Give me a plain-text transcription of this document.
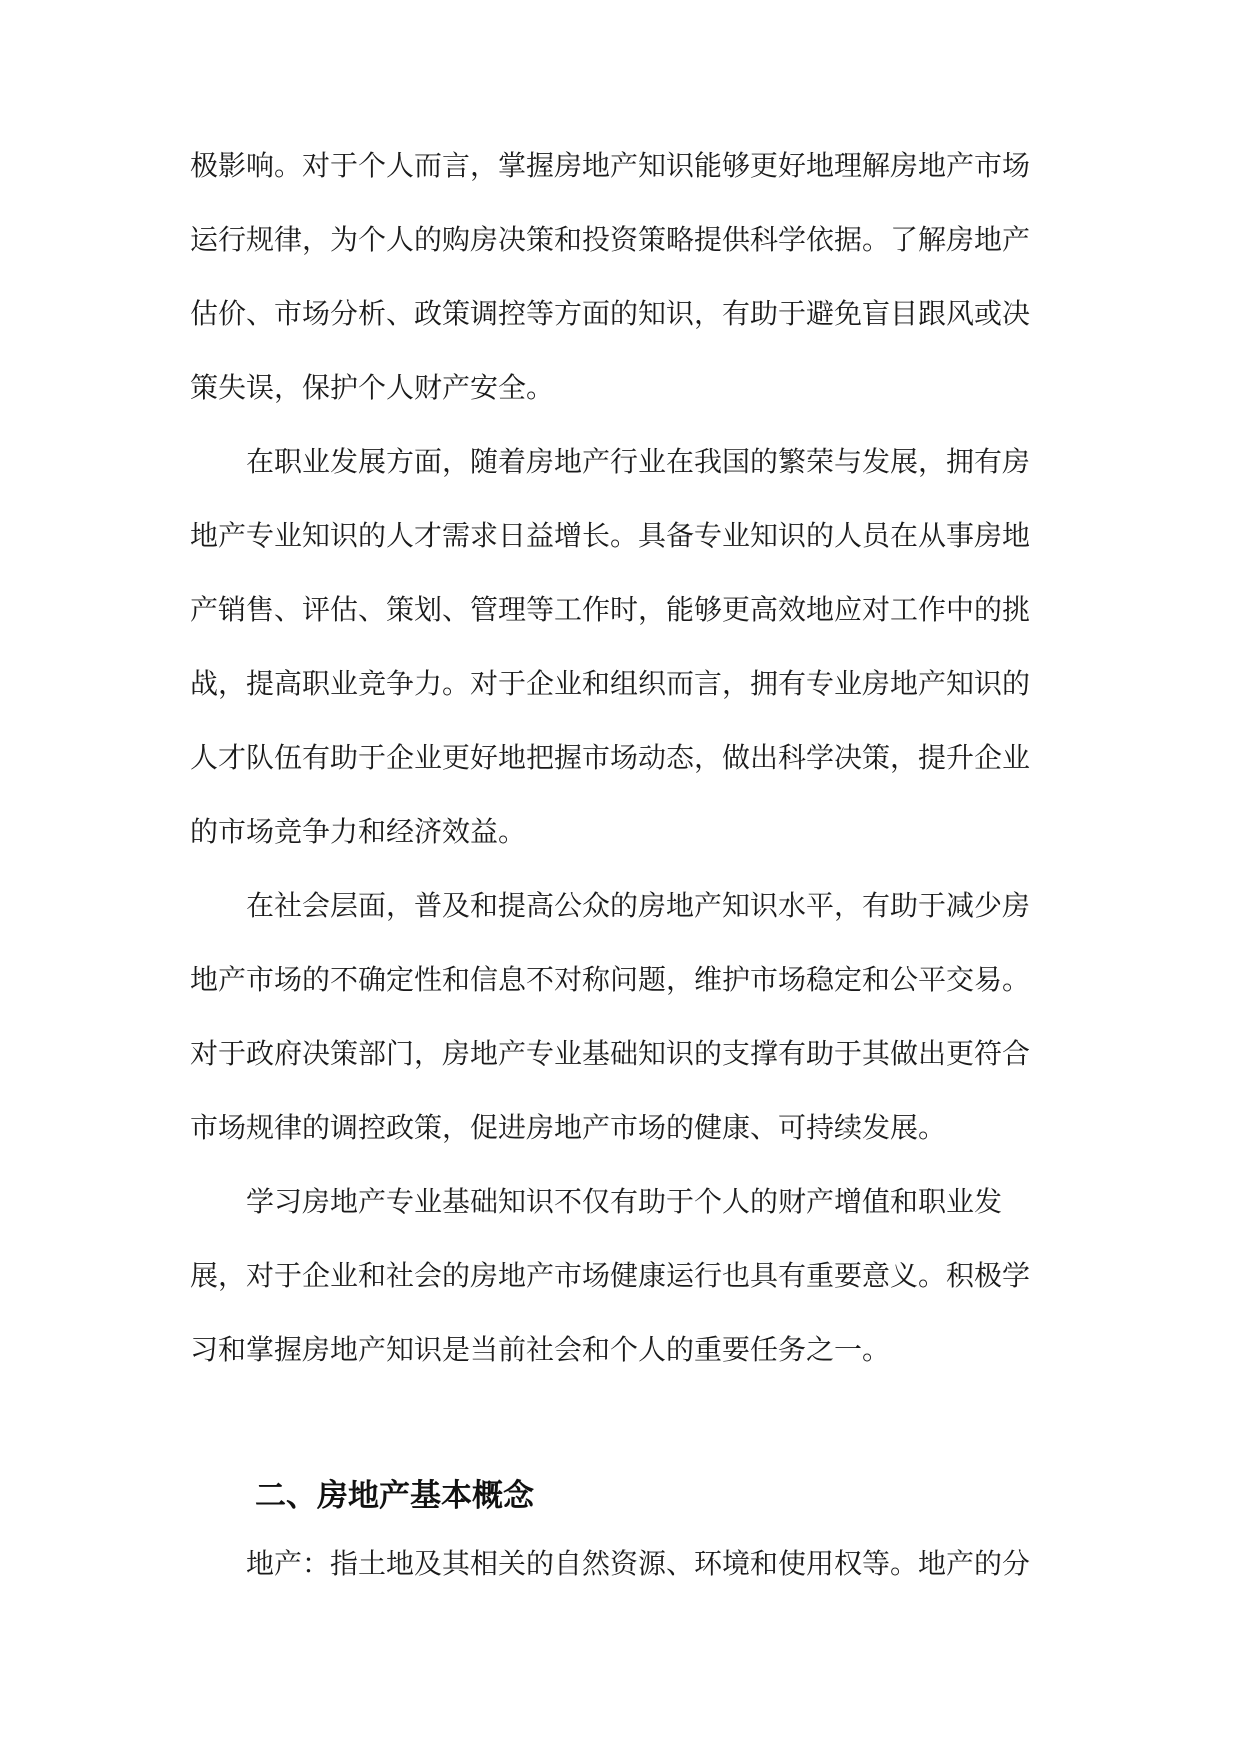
极影响。对于个人而言，掌握房地产知识能够更好地理解房地产市场
运行规律，为个人的购房决策和投资策略提供科学依据。了解房地产
估价、市场分析、政策调控等方面的知识，有助于避免盲目跟风或决
策失误，保护个人财产安全。
在职业发展方面，随着房地产行业在我国的繁荣与发展，拥有房
地产专业知识的人才需求日益增长。具备专业知识的人员在从事房地
产销售、评估、策划、管理等工作时，能够更高效地应对工作中的挑
战，提高职业竞争力。对于企业和组织而言，拥有专业房地产知识的
人才队伍有助于企业更好地把握市场动态，做出科学决策，提升企业
的市场竞争力和经济效益。
在社会层面，普及和提高公众的房地产知识水平，有助于减少房
地产市场的不确定性和信息不对称问题，维护市场稳定和公平交易。
对于政府决策部门，房地产专业基础知识的支撑有助于其做出更符合
市场规律的调控政策，促进房地产市场的健康、可持续发展。
学习房地产专业基础知识不仅有助于个人的财产增值和职业发
展，对于企业和社会的房地产市场健康运行也具有重要意义。积极学
习和掌握房地产知识是当前社会和个人的重要任务之一。
地产：指土地及其相关的自然资源、环境和使用权等。地产的分
二、房地产基本概念
